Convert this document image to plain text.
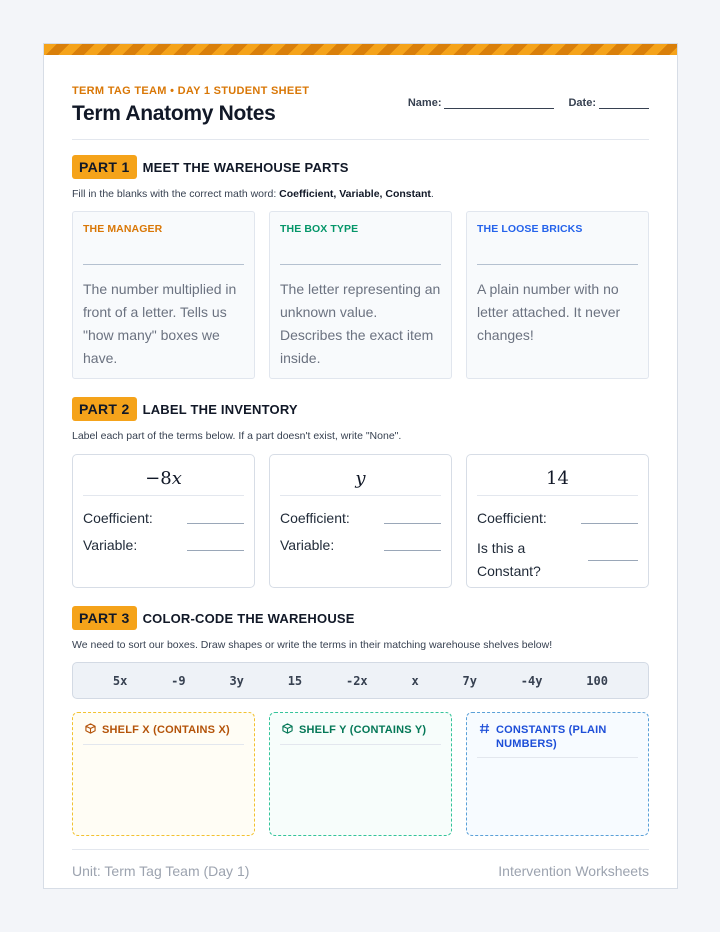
TERM TAG TEAM • DAY 1 STUDENT SHEET
Term Anatomy Notes	Name:	Date:
PART 1	MEET THE WAREHOUSE PARTS
Fill in the blanks with the correct math word: Coefficient, Variable, Constant.
THE MANAGER
The number multiplied in front of a letter. Tells us "how many" boxes we have.
THE BOX TYPE
The letter representing an unknown value. Describes the exact item inside.
THE LOOSE BRICKS
A plain number with no letter attached. It never changes!
PART 2	LABEL THE INVENTORY
Label each part of the terms below. If a part doesn't exist, write "None".
−8x
Coefficient:
Variable:
y
Coefficient:
Variable:
14
Coefficient:
Is this a Constant?
PART 3	COLOR-CODE THE WAREHOUSE
We need to sort our boxes. Draw shapes or write the terms in their matching warehouse shelves below!
5x	-9	3y	15	-2x	x	7y	-4y	100
SHELF X (CONTAINS X)	SHELF Y (CONTAINS Y)	CONSTANTS (PLAIN NUMBERS)
Unit: Term Tag Team (Day 1)	Intervention Worksheets
